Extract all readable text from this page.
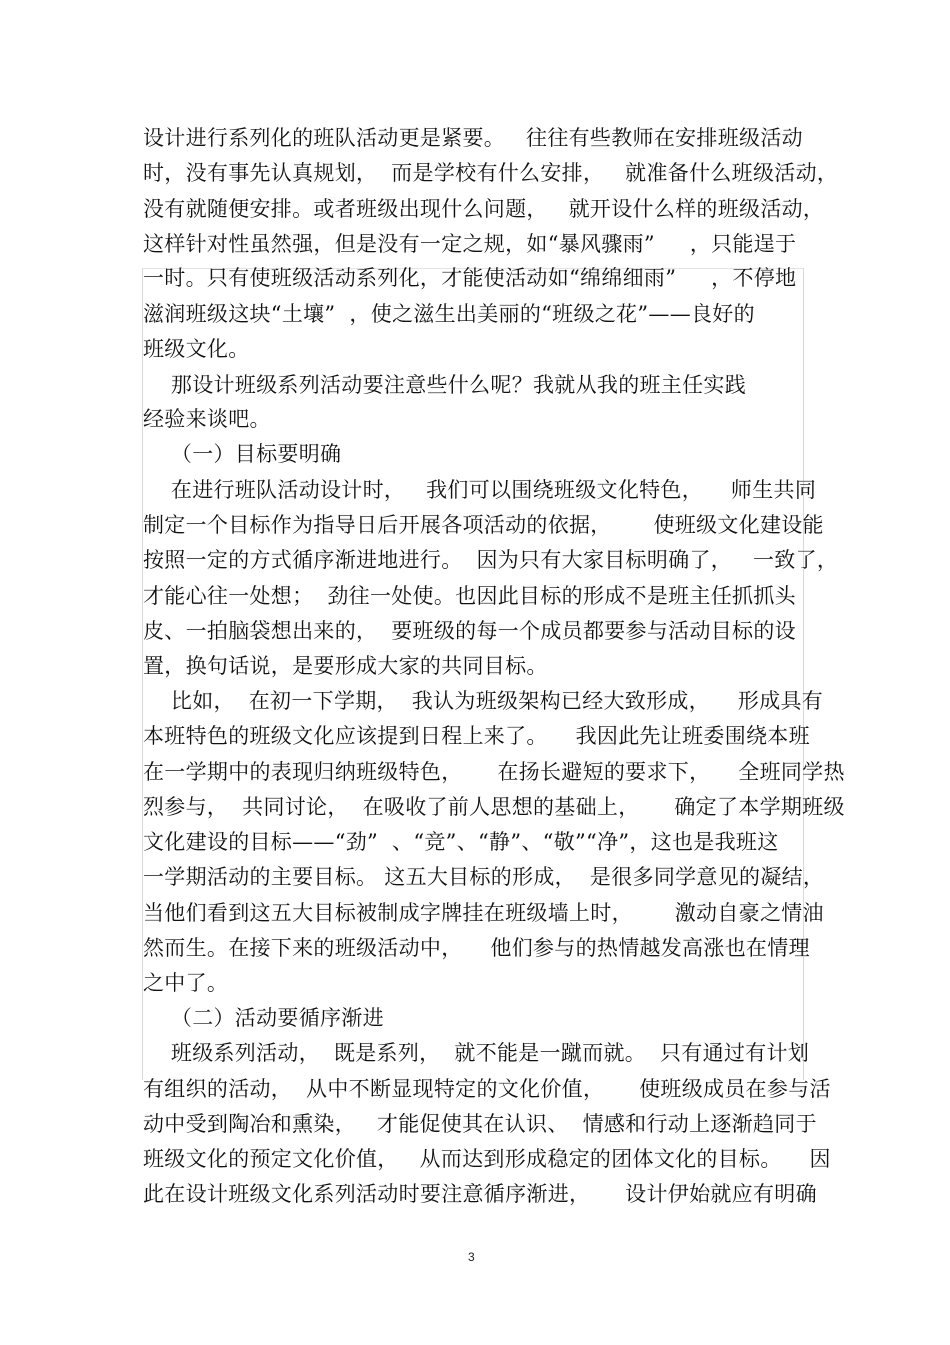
设计进行系列化的班队活动更是紧要。   往往有些教师在安排班级活动
时，没有事先认真规划，  而是学校有什么安排，   就准备什么班级活动，
没有就随便安排。或者班级出现什么问题，   就开设什么样的班级活动，
这样针对性虽然强，但是没有一定之规，如“暴风骤雨”     ，只能逞于
一时。只有使班级活动系列化，才能使活动如“绵绵细雨”     ，不停地
滋润班级这块“土壤”  ，使之滋生出美丽的“班级之花”——良好的
班级文化。
那设计班级系列活动要注意些什么呢？我就从我的班主任实践
经验来谈吧。
（一）目标要明确
在进行班队活动设计时，   我们可以围绕班级文化特色，    师生共同
制定一个目标作为指导日后开展各项活动的依据，      使班级文化建设能
按照一定的方式循序渐进地进行。  因为只有大家目标明确了，   一致了，
才能心往一处想；  劲往一处使。也因此目标的形成不是班主任抓抓头
皮、一拍脑袋想出来的，  要班级的每一个成员都要参与活动目标的设
置，换句话说，是要形成大家的共同目标。
比如，  在初一下学期，  我认为班级架构已经大致形成，    形成具有
本班特色的班级文化应该提到日程上来了。    我因此先让班委围绕本班
在一学期中的表现归纳班级特色，     在扬长避短的要求下，    全班同学热
烈参与，  共同讨论，  在吸收了前人思想的基础上，     确定了本学期班级
文化建设的目标——“劲”  、“竞”、“静”、“敬”“净”，这也是我班这
一学期活动的主要目标。 这五大目标的形成，  是很多同学意见的凝结，
当他们看到这五大目标被制成字牌挂在班级墙上时，      激动自豪之情油
然而生。在接下来的班级活动中，    他们参与的热情越发高涨也在情理
之中了。
（二）活动要循序渐进
班级系列活动，  既是系列，  就不能是一蹴而就。  只有通过有计划
有组织的活动，  从中不断显现特定的文化价值，     使班级成员在参与活
动中受到陶冶和熏染，   才能促使其在认识、  情感和行动上逐渐趋同于
班级文化的预定文化价值，   从而达到形成稳定的团体文化的目标。    因
此在设计班级文化系列活动时要注意循序渐进，     设计伊始就应有明确
3
